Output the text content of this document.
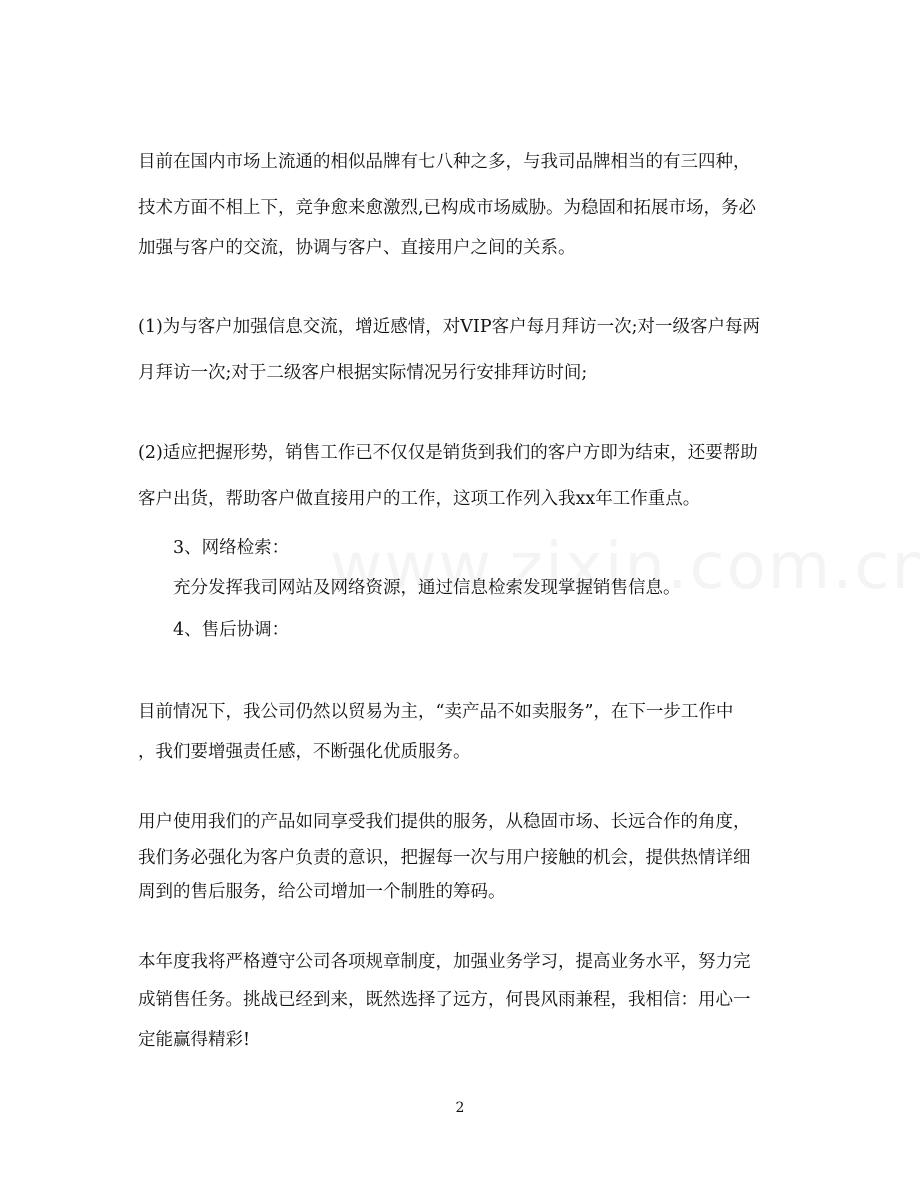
目前在国内市场上流通的相似品牌有七八种之多，与我司品牌相当的有三四种，
技术方面不相上下，竞争愈来愈激烈,已构成市场威胁。为稳固和拓展市场，务必
加强与客户的交流，协调与客户、直接用户之间的关系。
(1)为与客户加强信息交流，增近感情，对VIP客户每月拜访一次;对一级客户每两
月拜访一次;对于二级客户根据实际情况另行安排拜访时间;
(2)适应把握形势，销售工作已不仅仅是销货到我们的客户方即为结束，还要帮助
客户出货，帮助客户做直接用户的工作，这项工作列入我xx年工作重点。
3、网络检索：
充分发挥我司网站及网络资源，通过信息检索发现掌握销售信息。
4、售后协调：
目前情况下，我公司仍然以贸易为主，“卖产品不如卖服务”，在下一步工作中
，我们要增强责任感，不断强化优质服务。
用户使用我们的产品如同享受我们提供的服务，从稳固市场、长远合作的角度，
我们务必强化为客户负责的意识，把握每一次与用户接触的机会，提供热情详细
周到的售后服务，给公司增加一个制胜的筹码。
本年度我将严格遵守公司各项规章制度，加强业务学习，提高业务水平，努力完
成销售任务。挑战已经到来，既然选择了远方，何畏风雨兼程，我相信：用心一
定能赢得精彩!
2
